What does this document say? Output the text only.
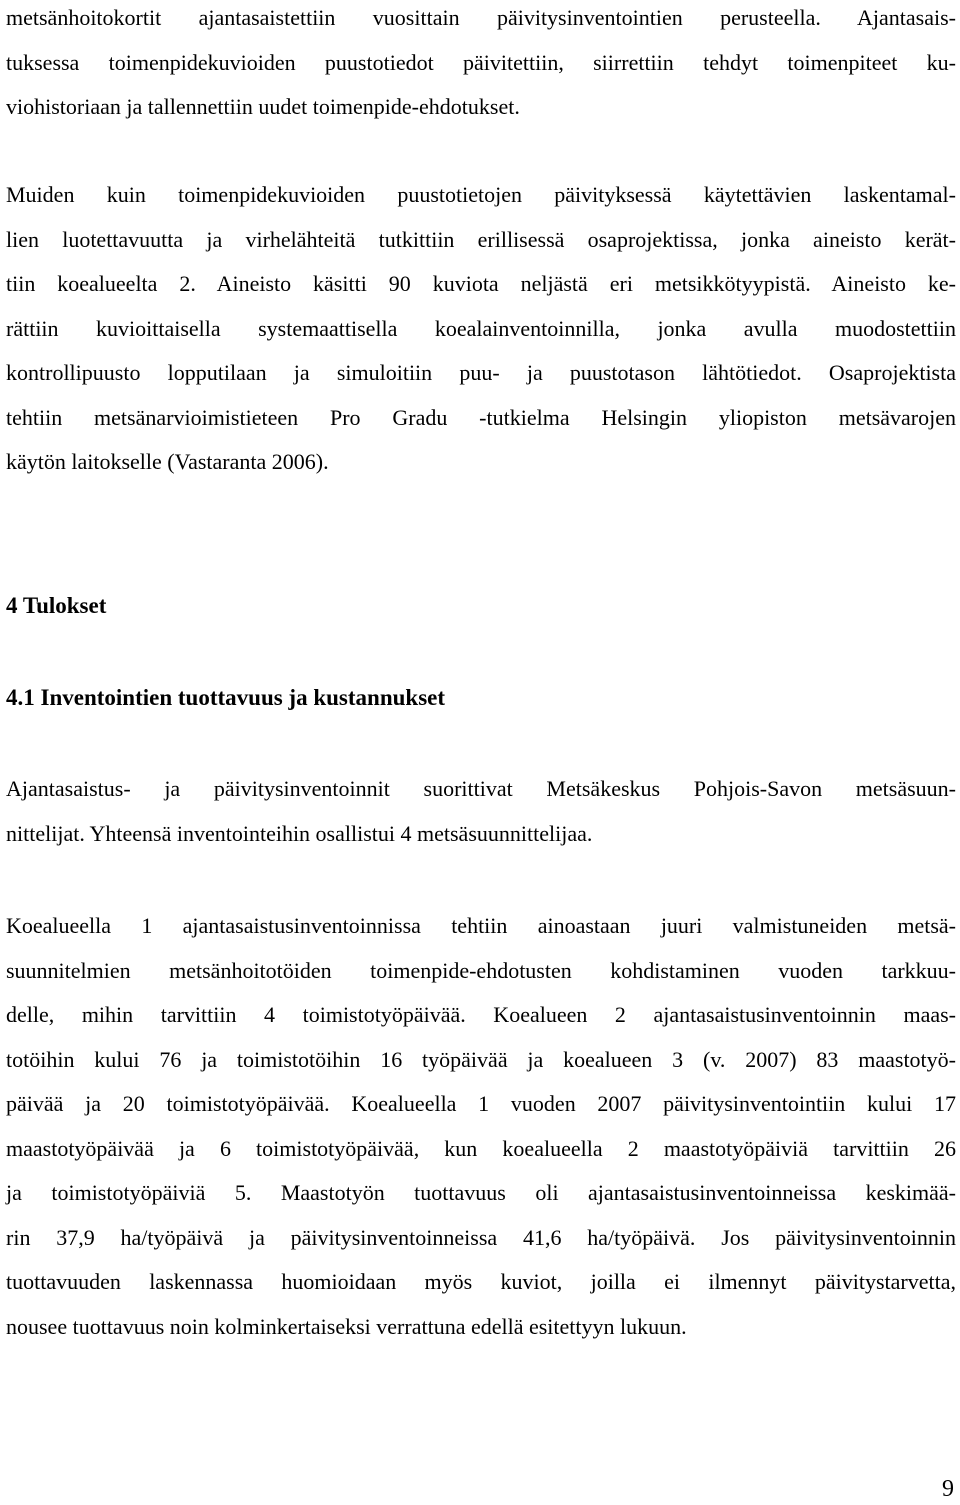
metsänhoitokortit ajantasaistettiin vuosittain päivitysinventointien perusteella. Ajantasais-
tuksessa toimenpidekuvioiden puustotiedot päivitettiin, siirrettiin tehdyt toimenpiteet ku-
viohistoriaan ja tallennettiin uudet toimenpide-ehdotukset.
Muiden kuin toimenpidekuvioiden puustotietojen päivityksessä käytettävien laskentamal-
lien luotettavuutta ja virhelähteitä tutkittiin erillisessä osaprojektissa, jonka aineisto kerät-
tiin koealueelta 2. Aineisto käsitti 90 kuviota neljästä eri metsikkötyypistä. Aineisto ke-
rättiin kuvioittaisella systemaattisella koealainventoinnilla, jonka avulla muodostettiin
kontrollipuusto lopputilaan ja simuloitiin puu- ja puustotason lähtötiedot. Osaprojektista
tehtiin metsänarvioimistieteen Pro Gradu -tutkielma Helsingin yliopiston metsävarojen
käytön laitokselle (Vastaranta 2006).
4 Tulokset
4.1 Inventointien tuottavuus ja kustannukset
Ajantasaistus- ja päivitysinventoinnit suorittivat Metsäkeskus Pohjois-Savon metsäsuun-
nittelijat. Yhteensä inventointeihin osallistui 4 metsäsuunnittelijaa.
Koealueella 1 ajantasaistusinventoinnissa tehtiin ainoastaan juuri valmistuneiden metsä-
suunnitelmien metsänhoitotöiden toimenpide-ehdotusten kohdistaminen vuoden tarkkuu-
delle, mihin tarvittiin 4 toimistotyöpäivää. Koealueen 2 ajantasaistusinventoinnin maas-
totöihin kului 76 ja toimistotöihin 16 työpäivää ja koealueen 3 (v. 2007) 83 maastotyö-
päivää ja 20 toimistotyöpäivää. Koealueella 1 vuoden 2007 päivitysinventointiin kului 17
maastotyöpäivää ja 6 toimistotyöpäivää, kun koealueella 2 maastotyöpäiviä tarvittiin 26
ja toimistotyöpäiviä 5. Maastotyön tuottavuus oli ajantasaistusinventoinneissa keskimää-
rin 37,9 ha/työpäivä ja päivitysinventoinneissa 41,6 ha/työpäivä. Jos päivitysinventoinnin
tuottavuuden laskennassa huomioidaan myös kuviot, joilla ei ilmennyt päivitystarvetta,
nousee tuottavuus noin kolminkertaiseksi verrattuna edellä esitettyyn lukuun.
9
